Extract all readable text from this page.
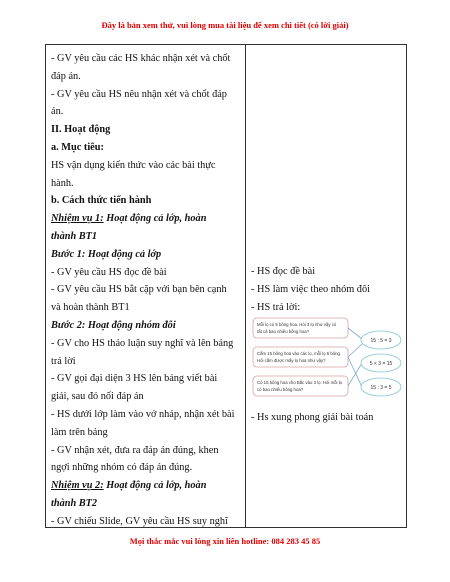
Đây là bản xem thử, vui lòng mua tài liệu để xem chi tiết (có lời giải)
- GV yêu cầu các HS khác nhận xét và chốt
đáp án.
- GV yêu cầu HS nêu nhận xét và chốt đáp
án.
II. Hoạt động
a. Mục tiêu:
HS vận dụng kiến thức vào các bài thực
hành.
b. Cách thức tiến hành
Nhiệm vụ 1: Hoạt động cả lớp, hoàn
thành BT1
Bước 1: Hoạt động cả lớp
- GV yêu cầu HS đọc đề bài
- GV yêu cầu HS bắt cặp với bạn bên cạnh
và hoàn thành BT1
Bước 2: Hoạt động nhóm đôi
- GV cho HS thảo luận suy nghĩ và lên bảng
trả lời
- GV gọi đại diện 3 HS lên bảng viết bài
giải, sau đó nối đáp án
- HS dưới lớp làm vào vở nháp, nhận xét bài
làm trên bảng
- GV nhận xét, đưa ra đáp án đúng, khen
ngợi những nhóm có đáp án đúng.
Nhiệm vụ 2: Hoạt động cả lớp, hoàn
thành BT2
- GV chiếu Slide, GV yêu cầu HS suy nghĩ
- HS đọc đề bài
- HS làm việc theo nhóm đôi
- HS trả lời:
Mỗi lọ có 5 bông hoa. Hỏi 3 lọ như vậy có
tất cả bao nhiêu bông hoa?
Cắm 15 bông hoa vào các lọ, mỗi lọ 5 bông.
Hỏi cắm được mấy lọ hoa như vậy?
Có 15 bông hoa cho Bắc vào 3 lọ. Hỏi mỗi lọ
có bao nhiêu bông hoa?
15 : 5 = 3
5 × 3 = 15
15 : 3 = 5
- Hs xung phong giải bài toán
Mọi thắc mắc vui lòng xin liên hotline: 084 283 45 85
